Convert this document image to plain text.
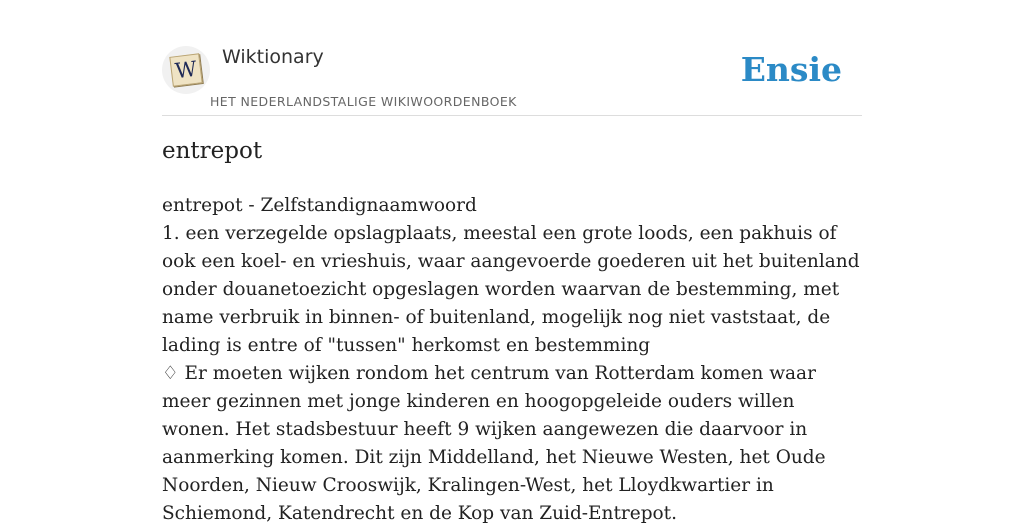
W Wiktionary
HET NEDERLANDSTALIGE WIKIWOORDENBOEK
Ensie
entrepot

entrepot - Zelfstandignaamwoord

1. een verzegelde opslagplaats, meestal een grote loods, een pakhuis of ook een koel- en vrieshuis, waar aangevoerde goederen uit het buitenland onder douanetoezicht opgeslagen worden waarvan de bestemming, met name verbruik in binnen- of buitenland, mogelijk nog niet vaststaat, de lading is entre of "tussen" herkomst en bestemming

♢ Er moeten wijken rondom het centrum van Rotterdam komen waar meer gezinnen met jonge kinderen en hoogopgeleide ouders willen wonen. Het stadsbestuur heeft 9 wijken aangewezen die daarvoor in aanmerking komen. Dit zijn Middelland, het Nieuwe Westen, het Oude Noorden, Nieuw Crooswijk, Kralingen-West, het Lloydkwartier in Schiemond, Katendrecht en de Kop van Zuid-Entrepot.
